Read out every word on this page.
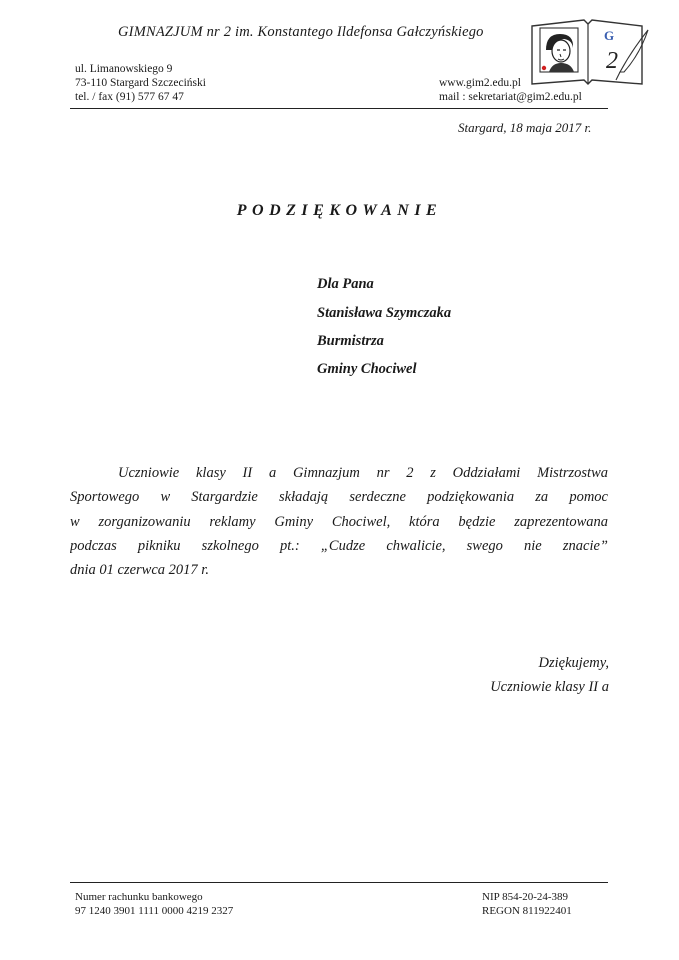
GIMNAZJUM nr 2 im. Konstantego Ildefonsa Gałczyńskiego	G
2
ul. Limanowskiego 9
73-110 Stargard Szczeciński
tel. / fax (91) 577 67 47
www.gim2.edu.pl
mail : sekretariat@gim2.edu.pl
Stargard, 18 maja 2017 r.
PODZIĘKOWANIE
Dla Pana
Stanisława Szymczaka
Burmistrza
Gminy Chociwel
Uczniowie klasy II a Gimnazjum nr 2 z Oddziałami Mistrzostwa
Sportowego w Stargardzie składają serdeczne podziękowania za pomoc
w zorganizowaniu reklamy Gminy Chociwel, która będzie zaprezentowana
podczas pikniku szkolnego pt.: „Cudze chwalicie, swego nie znacie”
dnia 01 czerwca 2017 r.
Dziękujemy,
Uczniowie klasy II a
Numer rachunku bankowego
97 1240 3901 1111 0000 4219 2327
NIP 854-20-24-389
REGON 811922401
